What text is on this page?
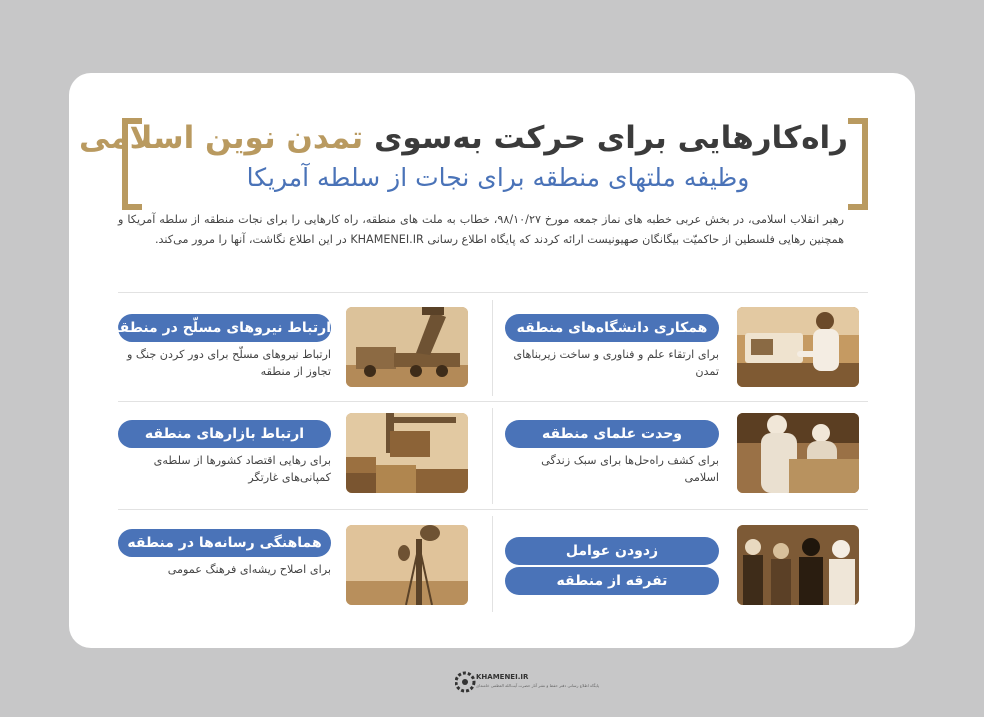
راه‌کارهایی برای حرکت به‌سوی تمدن نوین اسلامی
وظیفه ملتهای منطقه برای نجات از سلطه آمریکا
رهبر انقلاب اسلامی، در بخش عربی خطبه های نماز جمعه مورخ ۹۸/۱۰/۲۷، خطاب به ملت های منطقه، راه کارهایی را برای نجات منطقه از سلطه آمریکا و همچنین رهایی فلسطین از حاکمیّت بیگانگان صهیونیست ارائه کردند که پایگاه اطلاع رسانی KHAMENEI.IR در این اطلاع نگاشت، آنها را مرور می‌کند.
همکاری دانشگاه‌های منطقه
برای ارتقاء علم و فناوری و ساخت زیربناهای تمدن
ارتباط نیروهای مسلّح در منطقه
ارتباط نیروهای مسلّح برای دور کردن جنگ و تجاوز از منطقه
وحدت علمای منطقه
برای کشف راه‌حل‌ها برای سبک زندگی اسلامی
ارتباط بازارهای منطقه
برای رهایی اقتصاد کشورها از سلطه‌ی کمپانی‌های غارتگر
زدودن عوامل
تفرقه از منطقه
هماهنگی رسانه‌ها در منطقه
برای اصلاح ریشه‌ای فرهنگ عمومی
KHAMENEI.IR
پایگاه اطلاع رسانی دفتر حفظ و نشر آثار حضرت آیت‌الله العظمی خامنه‌ای
